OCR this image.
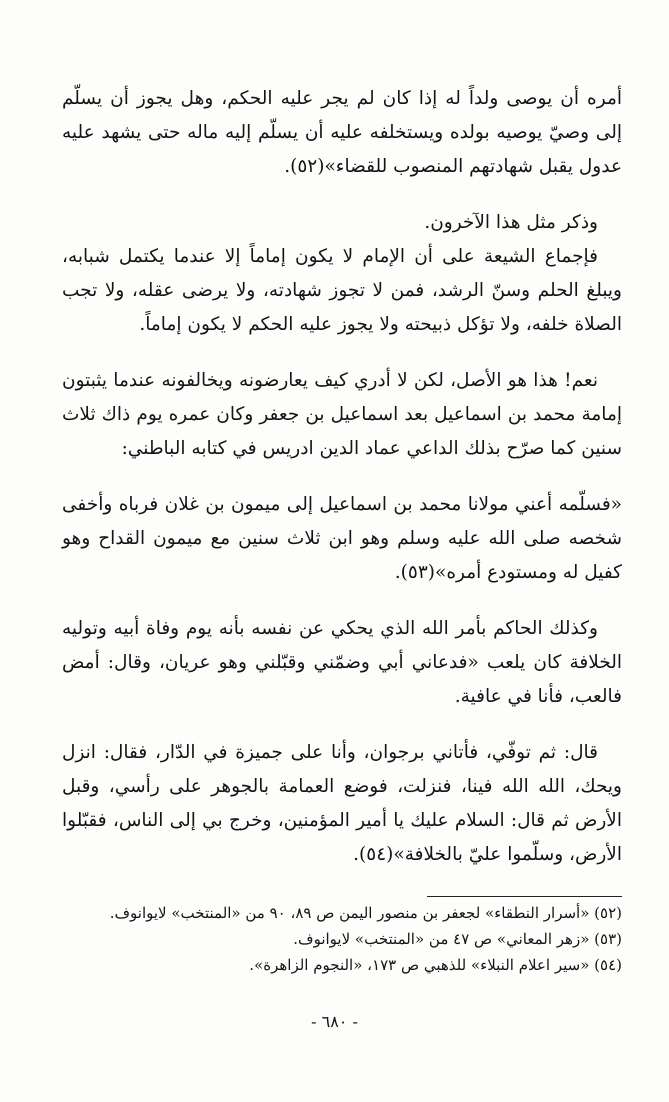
أمره أن يوصى ولداً له إذا كان لم يجر عليه الحكم، وهل يجوز أن يسلّم إلى وصيّ يوصيه بولده ويستخلفه عليه أن يسلّم إليه ماله حتى يشهد عليه عدول يقبل شهادتهم المنصوب للقضاء»(٥٢).

وذكر مثل هذا الآخرون.

فإجماع الشيعة على أن الإمام لا يكون إماماً إلا عندما يكتمل شبابه، ويبلغ الحلم وسنّ الرشد، فمن لا تجوز شهادته، ولا يرضى عقله، ولا تجب الصلاة خلفه، ولا تؤكل ذبيحته ولا يجوز عليه الحكم لا يكون إماماً.

نعم! هذا هو الأصل، لكن لا أدري كيف يعارضونه ويخالفونه عندما يثبتون إمامة محمد بن اسماعيل بعد اسماعيل بن جعفر وكان عمره يوم ذاك ثلاث سنين كما صرّح بذلك الداعي عماد الدين ادريس في كتابه الباطني:

«فسلّمه أعني مولانا محمد بن اسماعيل إلى ميمون بن غلان فرباه وأخفى شخصه صلى الله عليه وسلم وهو ابن ثلاث سنين مع ميمون القداح وهو كفيل له ومستودع أمره»(٥٣).

وكذلك الحاكم بأمر الله الذي يحكي عن نفسه بأنه يوم وفاة أبيه وتوليه الخلافة كان يلعب «فدعاني أبي وضمّني وقبّلني وهو عريان، وقال: أمض فالعب، فأنا في عافية.

قال: ثم توفّي، فأتاني برجوان، وأنا على جميزة في الدّار، فقال: انزل ويحك، الله الله فينا، فنزلت، فوضع العمامة بالجوهر على رأسي، وقبل الأرض ثم قال: السلام عليك يا أمير المؤمنين، وخرج بي إلى الناس، فقبّلوا الأرض، وسلّموا عليّ بالخلافة»(٥٤).

(٥٢) «أسرار النطقاء» لجعفر بن منصور اليمن ص ٨٩، ٩٠ من «المنتخب» لايوانوف.

(٥٣) «زهر المعاني» ص ٤٧ من «المنتخب» لايوانوف.

(٥٤) «سير اعلام النبلاء» للذهبي ص ١٧٣، «النجوم الزاهرة».

- ٦٨٠ -
